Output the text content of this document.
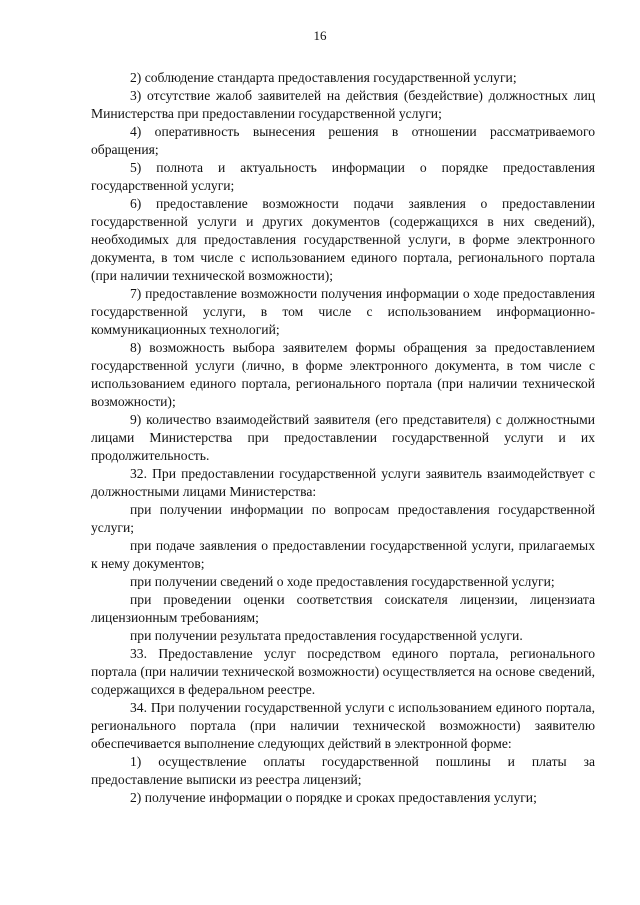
16

2) соблюдение стандарта предоставления государственной услуги;

3) отсутствие жалоб заявителей на действия (бездействие) должностных лиц Министерства при предоставлении государственной услуги;

4) оперативность вынесения решения в отношении рассматриваемого обращения;

5) полнота и актуальность информации о порядке предоставления государственной услуги;

6) предоставление возможности подачи заявления о предоставлении государственной услуги и других документов (содержащихся в них сведений), необходимых для предоставления государственной услуги, в форме электронного документа, в том числе с использованием единого портала, регионального портала (при наличии технической возможности);

7) предоставление возможности получения информации о ходе предоставления государственной услуги, в том числе с использованием информационно-коммуникационных технологий;

8) возможность выбора заявителем формы обращения за предоставлением государственной услуги (лично, в форме электронного документа, в том числе с использованием единого портала, регионального портала (при наличии технической возможности);

9) количество взаимодействий заявителя (его представителя) с должностными лицами Министерства при предоставлении государственной услуги и их продолжительность.

32. При предоставлении государственной услуги заявитель взаимодействует с должностными лицами Министерства:

при получении информации по вопросам предоставления государственной услуги;

при подаче заявления о предоставлении государственной услуги, прилагаемых к нему документов;

при получении сведений о ходе предоставления государственной услуги;

при проведении оценки соответствия соискателя лицензии, лицензиата лицензионным требованиям;

при получении результата предоставления государственной услуги.

33. Предоставление услуг посредством единого портала, регионального портала (при наличии технической возможности) осуществляется на основе сведений, содержащихся в федеральном реестре.

34. При получении государственной услуги с использованием единого портала, регионального портала (при наличии технической возможности) заявителю обеспечивается выполнение следующих действий в электронной форме:

1) осуществление оплаты государственной пошлины и платы за предоставление выписки из реестра лицензий;

2) получение информации о порядке и сроках предоставления услуги;
